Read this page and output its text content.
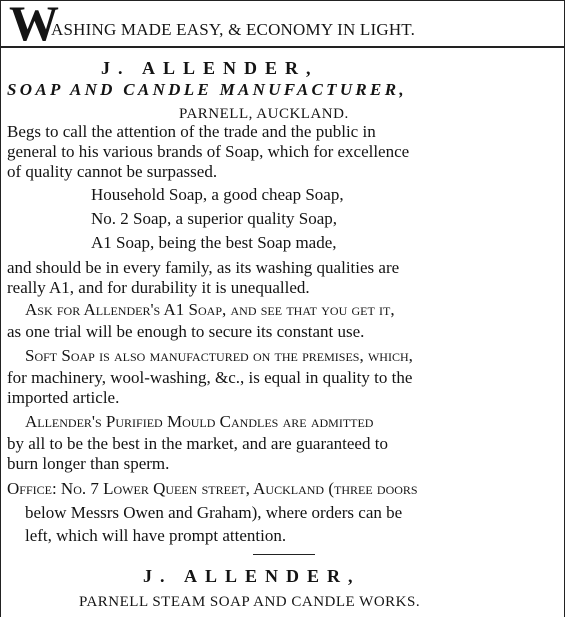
W
ASHING MADE EASY, & ECONOMY IN LIGHT.
J. ALLENDER,
SOAP AND CANDLE MANUFACTURER,
PARNELL, AUCKLAND.
Begs to call the attention of the trade and the public in
general to his various brands of Soap, which for excellence
of quality cannot be surpassed.
Household Soap, a good cheap Soap,
No. 2 Soap, a superior quality Soap,
A1 Soap, being the best Soap made,
and should be in every family, as its washing qualities are
really A1, and for durability it is unequalled.
Ask for Allender's A1 Soap, and see that you get it,
as one trial will be enough to secure its constant use.
Soft Soap is also manufactured on the premises, which,
for machinery, wool-washing, &c., is equal in quality to the
imported article.
Allender's Purified Mould Candles are admitted
by all to be the best in the market, and are guaranteed to
burn longer than sperm.
Office: No. 7 Lower Queen street, Auckland (three doors
below Messrs Owen and Graham), where orders can be
left, which will have prompt attention.
J. ALLENDER,
PARNELL STEAM SOAP AND CANDLE WORKS.
